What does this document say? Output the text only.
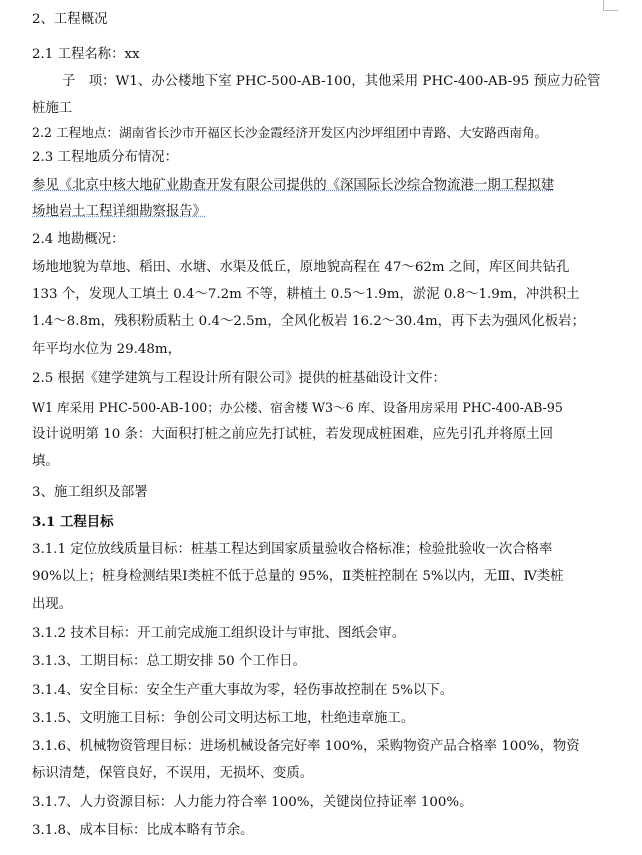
2、工程概况
2.1 工程名称：xx
子　项：W1、办公楼地下室 PHC-500-AB-100，其他采用 PHC-400-AB-95 预应力砼管
桩施工
2.2 工程地点：湖南省长沙市开福区长沙金霞经济开发区内沙坪组团中青路、大安路西南角。
2.3 工程地质分布情况：
参见《北京中核大地矿业勘查开发有限公司提供的《深国际长沙综合物流港一期工程拟建
场地岩土工程详细勘察报告》
2.4 地勘概况：
场地地貌为草地、稻田、水塘、水渠及低丘，原地貌高程在 47～62m 之间，库区间共钻孔
133 个，发现人工填土 0.4～7.2m 不等，耕植土 0.5～1.9m，淤泥 0.8～1.9m，冲洪积土
1.4～8.8m，残积粉质粘土 0.4～2.5m，全风化板岩 16.2～30.4m，再下去为强风化板岩；
年平均水位为 29.48m，
2.5 根据《建学建筑与工程设计所有限公司》提供的桩基础设计文件：
W1 库采用 PHC-500-AB-100；办公楼、宿舍楼 W3～6 库、设备用房采用 PHC-400-AB-95
设计说明第 10 条：大面积打桩之前应先打试桩，若发现成桩困难，应先引孔并将原土回
填。
3、施工组织及部署
3.1 工程目标
3.1.1 定位放线质量目标：桩基工程达到国家质量验收合格标准；检验批验收一次合格率
90%以上；桩身检测结果Ⅰ类桩不低于总量的 95%，Ⅱ类桩控制在 5%以内，无Ⅲ、Ⅳ类桩
出现。
3.1.2 技术目标：开工前完成施工组织设计与审批、图纸会审。
3.1.3、工期目标：总工期安排 50 个工作日。
3.1.4、安全目标：安全生产重大事故为零，轻伤事故控制在 5%以下。
3.1.5、文明施工目标：争创公司文明达标工地，杜绝违章施工。
3.1.6、机械物资管理目标：进场机械设备完好率 100%，采购物资产品合格率 100%，物资
标识清楚，保管良好，不误用，无损坏、变质。
3.1.7、人力资源目标：人力能力符合率 100%，关键岗位持证率 100%。
3.1.8、成本目标：比成本略有节余。
